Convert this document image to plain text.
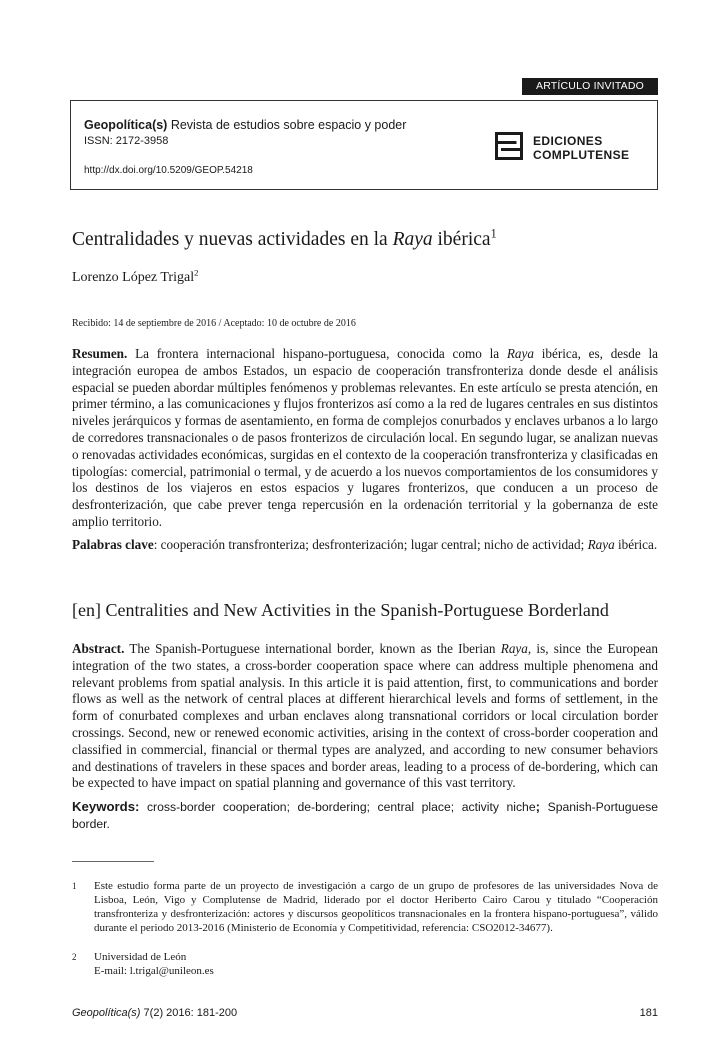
ARTÍCULO INVITADO
Geopolítica(s) Revista de estudios sobre espacio y poder
ISSN: 2172-3958
http://dx.doi.org/10.5209/GEOP.54218
EDICIONES
COMPLUTENSE
Centralidades y nuevas actividades en la Raya ibérica$^1$
Lorenzo López Trigal$^2$
Recibido: 14 de septiembre de 2016 / Aceptado: 10 de octubre de 2016

Resumen. La frontera internacional hispano-portuguesa, conocida como la Raya ibérica, es, desde la integración europea de ambos Estados, un espacio de cooperación transfronteriza donde desde el análisis espacial se pueden abordar múltiples fenómenos y problemas relevantes. En este artículo se presta atención, en primer término, a las comunicaciones y flujos fronterizos así como a la red de lugares centrales en sus distintos niveles jerárquicos y formas de asentamiento, en forma de complejos conurbados y enclaves urbanos a lo largo de corredores transnacionales o de pasos fronterizos de circulación local. En segundo lugar, se analizan nuevas o renovadas actividades económicas, surgidas en el contexto de la cooperación transfronteriza y clasificadas en tipologías: comercial, patrimonial o termal, y de acuerdo a los nuevos comportamientos de los consumidores y los destinos de los viajeros en estos espacios y lugares fronterizos, que conducen a un proceso de desfronterización, que cabe prever tenga repercusión en la ordenación territorial y la gobernanza de este amplio territorio.

Palabras clave: cooperación transfronteriza; desfronterización; lugar central; nicho de actividad; Raya ibérica.

[en] Centralities and New Activities in the Spanish-Portuguese Borderland

Abstract. The Spanish-Portuguese international border, known as the Iberian Raya, is, since the European integration of the two states, a cross-border cooperation space where can address multiple phenomena and relevant problems from spatial analysis. In this article it is paid attention, first, to communications and border flows as well as the network of central places at different hierarchical levels and forms of settlement, in the form of conurbated complexes and urban enclaves along transnational corridors or local circulation border crossings. Second, new or renewed economic activities, arising in the context of cross-border cooperation and classified in commercial, financial or thermal types are analyzed, and according to new consumer behaviors and destinations of travelers in these spaces and border areas, leading to a process of de-bordering, which can be expected to have impact on spatial planning and governance of this vast territory.

Keywords: cross-border cooperation; de-bordering; central place; activity niche; Spanish-Portuguese border.

1 Este estudio forma parte de un proyecto de investigación a cargo de un grupo de profesores de las universidades Nova de Lisboa, León, Vigo y Complutense de Madrid, liderado por el doctor Heriberto Cairo Carou y titulado “Cooperación transfronteriza y desfronterización: actores y discursos geopolíticos transnacionales en la frontera hispano-portuguesa”, válido durante el periodo 2013-2016 (Ministerio de Economía y Competitividad, referencia: CSO2012-34677).
2 Universidad de León
E-mail: l.trigal@unileon.es
Geopolítica(s) 7(2) 2016: 181-200	181
